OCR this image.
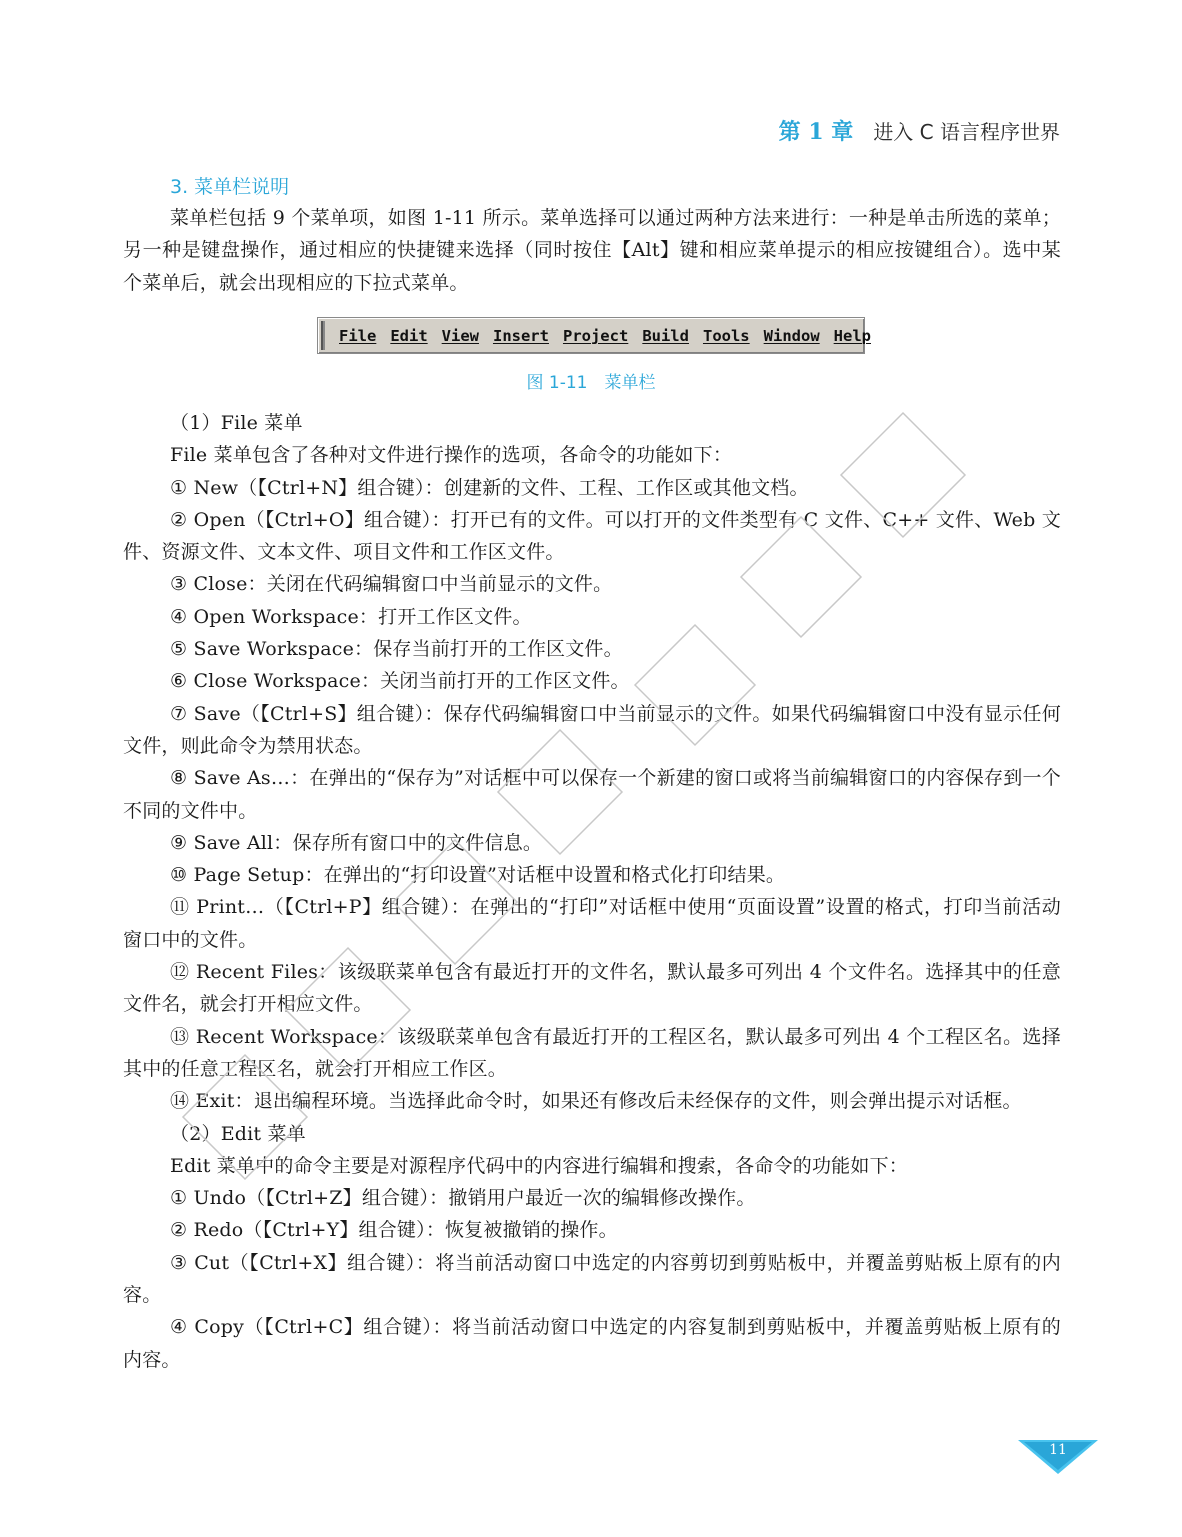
第 1 章 进入 C 语言程序世界
3. 菜单栏说明

菜单栏包括 9 个菜单项，如图 1-11 所示。菜单选择可以通过两种方法来进行：一种是单击所选的菜单；另一种是键盘操作，通过相应的快捷键来选择（同时按住【Alt】键和相应菜单提示的相应按键组合）。选中某个菜单后，就会出现相应的下拉式菜单。

File Edit View Insert Project Build Tools Window Help
图 1-11　菜单栏

（1）File 菜单

File 菜单包含了各种对文件进行操作的选项，各命令的功能如下：

① New（【Ctrl+N】组合键）：创建新的文件、工程、工作区或其他文档。

② Open（【Ctrl+O】组合键）：打开已有的文件。可以打开的文件类型有 C 文件、C++ 文件、Web 文件、资源文件、文本文件、项目文件和工作区文件。

③ Close：关闭在代码编辑窗口中当前显示的文件。

④ Open Workspace：打开工作区文件。

⑤ Save Workspace：保存当前打开的工作区文件。

⑥ Close Workspace：关闭当前打开的工作区文件。

⑦ Save（【Ctrl+S】组合键）：保存代码编辑窗口中当前显示的文件。如果代码编辑窗口中没有显示任何文件，则此命令为禁用状态。

⑧ Save As…：在弹出的“保存为”对话框中可以保存一个新建的窗口或将当前编辑窗口的内容保存到一个不同的文件中。

⑨ Save All：保存所有窗口中的文件信息。

⑩ Page Setup：在弹出的“打印设置”对话框中设置和格式化打印结果。

⑪ Print…（【Ctrl+P】组合键）：在弹出的“打印”对话框中使用“页面设置”设置的格式，打印当前活动窗口中的文件。

⑫ Recent Files：该级联菜单包含有最近打开的文件名，默认最多可列出 4 个文件名。选择其中的任意文件名，就会打开相应文件。

⑬ Recent Workspace：该级联菜单包含有最近打开的工程区名，默认最多可列出 4 个工程区名。选择其中的任意工程区名，就会打开相应工作区。

⑭ Exit：退出编程环境。当选择此命令时，如果还有修改后未经保存的文件，则会弹出提示对话框。

（2）Edit 菜单

Edit 菜单中的命令主要是对源程序代码中的内容进行编辑和搜索，各命令的功能如下：

① Undo（【Ctrl+Z】组合键）：撤销用户最近一次的编辑修改操作。

② Redo（【Ctrl+Y】组合键）：恢复被撤销的操作。

③ Cut（【Ctrl+X】组合键）：将当前活动窗口中选定的内容剪切到剪贴板中，并覆盖剪贴板上原有的内容。

④ Copy（【Ctrl+C】组合键）：将当前活动窗口中选定的内容复制到剪贴板中，并覆盖剪贴板上原有的内容。

11
